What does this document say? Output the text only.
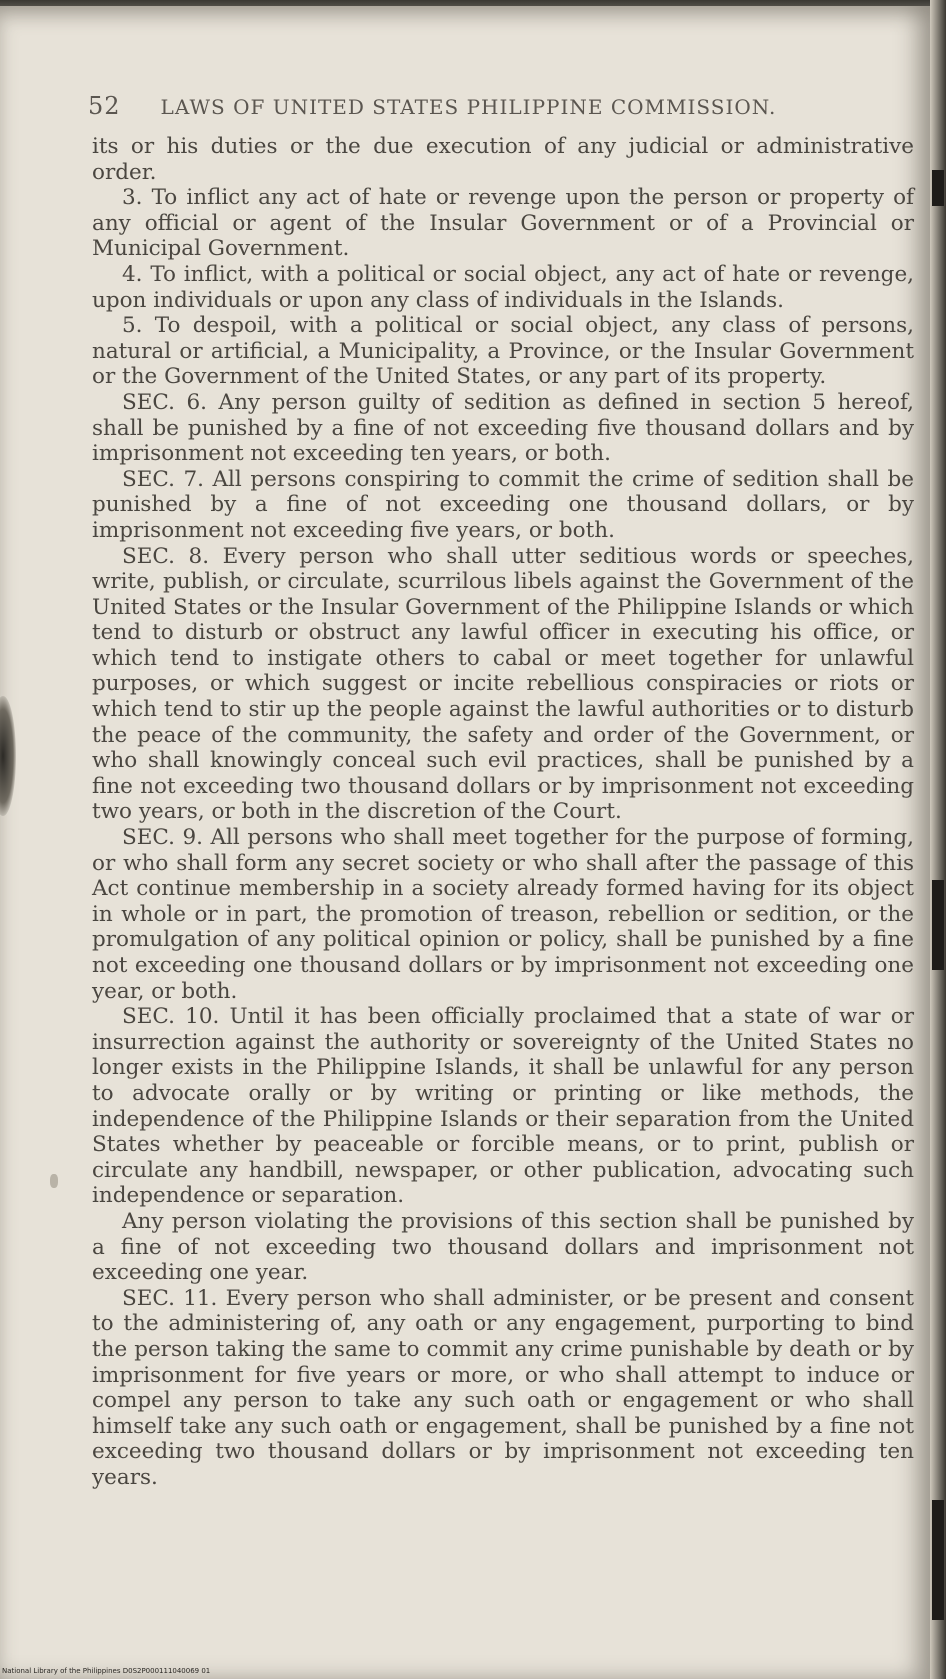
52 LAWS OF UNITED STATES PHILIPPINE COMMISSION.

its or his duties or the due execution of any judicial or administrative order.

3. To inflict any act of hate or revenge upon the person or property of any official or agent of the Insular Government or of a Provincial or Municipal Government.

4. To inflict, with a political or social object, any act of hate or revenge, upon individuals or upon any class of individuals in the Islands.

5. To despoil, with a political or social object, any class of persons, natural or artificial, a Municipality, a Province, or the Insular Government or the Government of the United States, or any part of its property.

SEC. 6. Any person guilty of sedition as defined in section 5 hereof, shall be punished by a fine of not exceeding five thousand dollars and by imprisonment not exceeding ten years, or both.

SEC. 7. All persons conspiring to commit the crime of sedition shall be punished by a fine of not exceeding one thousand dollars, or by imprisonment not exceeding five years, or both.

SEC. 8. Every person who shall utter seditious words or speeches, write, publish, or circulate, scurrilous libels against the Government of the United States or the Insular Government of the Philippine Islands or which tend to disturb or obstruct any lawful officer in executing his office, or which tend to instigate others to cabal or meet together for unlawful purposes, or which suggest or incite rebellious conspiracies or riots or which tend to stir up the people against the lawful authorities or to disturb the peace of the community, the safety and order of the Government, or who shall knowingly conceal such evil practices, shall be punished by a fine not exceeding two thousand dollars or by imprisonment not exceeding two years, or both in the discretion of the Court.

SEC. 9. All persons who shall meet together for the purpose of forming, or who shall form any secret society or who shall after the passage of this Act continue membership in a society already formed having for its object in whole or in part, the promotion of treason, rebellion or sedition, or the promulgation of any political opinion or policy, shall be punished by a fine not exceeding one thousand dollars or by imprisonment not exceeding one year, or both.

SEC. 10. Until it has been officially proclaimed that a state of war or insurrection against the authority or sovereignty of the United States no longer exists in the Philippine Islands, it shall be unlawful for any person to advocate orally or by writing or printing or like methods, the independence of the Philippine Islands or their separation from the United States whether by peaceable or forcible means, or to print, publish or circulate any handbill, newspaper, or other publication, advocating such independence or separation.

Any person violating the provisions of this section shall be punished by a fine of not exceeding two thousand dollars and imprisonment not exceeding one year.

SEC. 11. Every person who shall administer, or be present and consent to the administering of, any oath or any engagement, purporting to bind the person taking the same to commit any crime punishable by death or by imprisonment for five years or more, or who shall attempt to induce or compel any person to take any such oath or engagement or who shall himself take any such oath or engagement, shall be punished by a fine not exceeding two thousand dollars or by imprisonment not exceeding ten years.

National Library of the Philippines D0S2P000111040069 01
